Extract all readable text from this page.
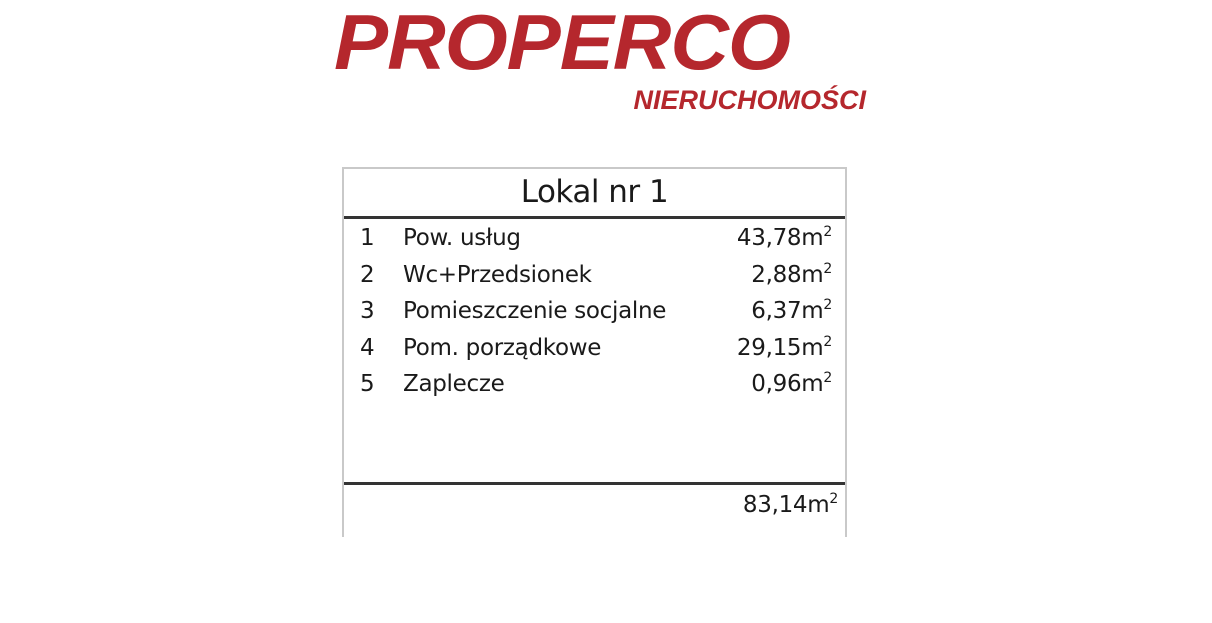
PROPERCO
NIERUCHOMOŚCI
Lokal nr 1
1	Pow. usług	$43,78m^2$
2	Wc+Przedsionek	$2,88m^2$
3	Pomieszczenie socjalne	$6,37m^2$
4	Pom. porządkowe	$29,15m^2$
5	Zaplecze	$0,96m^2$
$83,14m^2$
